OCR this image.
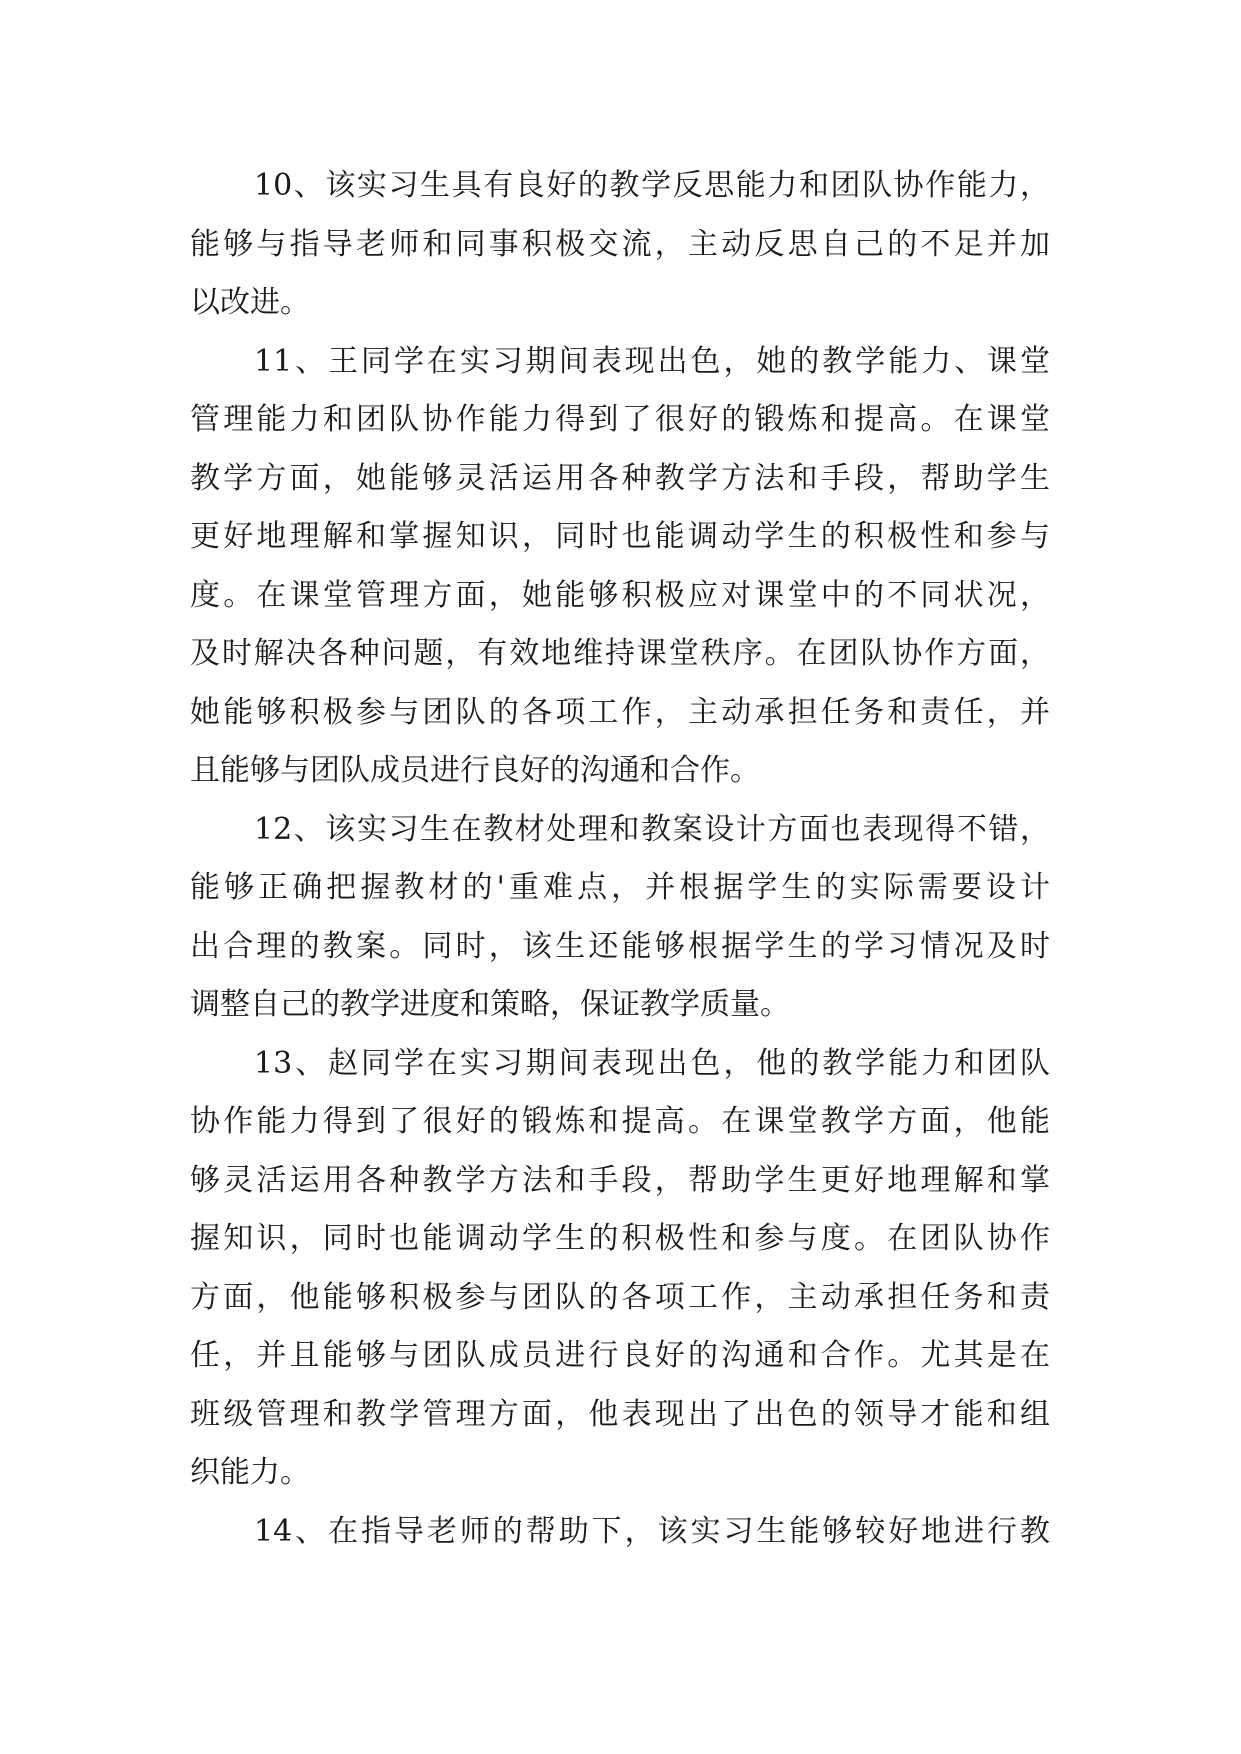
10、该实习生具有良好的教学反思能力和团队协作能力，
能够与指导老师和同事积极交流，主动反思自己的不足并加
以改进。
11、王同学在实习期间表现出色，她的教学能力、课堂
管理能力和团队协作能力得到了很好的锻炼和提高。在课堂
教学方面，她能够灵活运用各种教学方法和手段，帮助学生
更好地理解和掌握知识，同时也能调动学生的积极性和参与
度。在课堂管理方面，她能够积极应对课堂中的不同状况，
及时解决各种问题，有效地维持课堂秩序。在团队协作方面，
她能够积极参与团队的各项工作，主动承担任务和责任，并
且能够与团队成员进行良好的沟通和合作。
12、该实习生在教材处理和教案设计方面也表现得不错，
能够正确把握教材的'重难点，并根据学生的实际需要设计
出合理的教案。同时，该生还能够根据学生的学习情况及时
调整自己的教学进度和策略，保证教学质量。
13、赵同学在实习期间表现出色，他的教学能力和团队
协作能力得到了很好的锻炼和提高。在课堂教学方面，他能
够灵活运用各种教学方法和手段，帮助学生更好地理解和掌
握知识，同时也能调动学生的积极性和参与度。在团队协作
方面，他能够积极参与团队的各项工作，主动承担任务和责
任，并且能够与团队成员进行良好的沟通和合作。尤其是在
班级管理和教学管理方面，他表现出了出色的领导才能和组
织能力。
14、在指导老师的帮助下，该实习生能够较好地进行教
